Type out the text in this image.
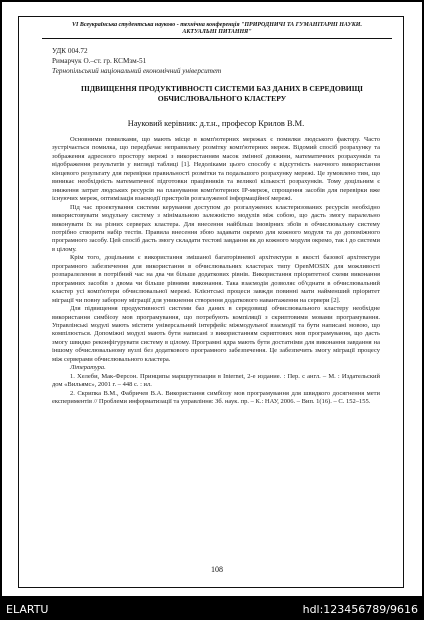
VI Всеукраїнська студентська науково - технічна конференція "ПРИРОДНИЧІ ТА ГУМАНІТАРНІ НАУКИ.
АКТУАЛЬНІ ПИТАННЯ"
УДК 004.72
Римарчук О.–ст. гр. КСМзм-51
Тернопільський національний економічний університет
ПІДВИЩЕННЯ ПРОДУКТИВНОСТІ СИСТЕМИ БАЗ ДАНИХ В СЕРЕДОВИЩІ
ОБЧИСЛЮВАЛЬНОГО КЛАСТЕРУ
Науковий керівник: д.т.н., професор Крилов В.М.

Основними помилками, що мають місце в комп'ютерних мережах є помилки людського фактору. Часто зустрічається помилка, що передбачає неправильну розмітку комп'ютерних мереж. Відомий спосіб розрахунку та зображення адресного простору мережі з використанням масок змінної довжини, математичних розрахунків та відображення результатів у вигляді таблиці [1]. Недоліками цього способу є відсутність наочного використання кінцевого результату для перевірки правильності розмітки та подальшого розрахунку мережі. Це зумовлено тим, що виникає необхідність математичної підготовки працівників та великої кількості розрахунків. Тому доцільним є зниження затрат людських ресурсів на планування комп'ютерних IP-мереж, спрощення засобів для перевірки вже існуючих мереж, оптимізація взаємодії пристроїв розгалуженої інформаційної мережі.

Під час проектування системи керування доступом до розгалужених кластеризованих ресурсів необхідно використовувати модульну систему з мінімальною залежністю модулів між собою, що дасть змогу паралельно виконувати їх на різних серверах кластера. Для внесення найбільш імовірних збоїв в обчислювальну систему потрібно створити набір тестів. Правила внесення збою задавати окремо для кожного модуля та до допоміжного програмного засобу. Цей спосіб дасть змогу складати тестові завдання як до кожного модуля окремо, так і до системи в цілому.

Крім того, доцільним є використання змішаної багаторівневої архітектури в якості базової архітектури програмного забезпечення для використання в обчислювальних кластерах типу OpenMOSIX для можливості розпаралелення в потрібний час на два чи більше додаткових рівнів. Використання пріоритетної схеми виконання програмних засобів з двома чи більше рівнями виконання. Така взаємодія дозволяє об'єднати в обчислювальний кластер усі комп'ютери обчислювальної мережі. Клієнтські процеси завжди повинні мати найменший пріоритет міграції чи повну заборону міграції для уникнення створення додаткового навантаження на сервери [2].

Для підвищення продуктивності системи баз даних в середовищі обчислювального кластеру необхідне використання симбіозу мов програмування, що потребують компіляції з скриптовими мовами програмування. Управлінські модулі мають містити універсальний інтерфейс міжмодульної взаємодії та бути написані мовою, що компілюється. Допоміжні модулі мають бути написані з використанням скриптових мов програмування, що дасть змогу швидко реконфігурувати систему в цілому. Програмні ядра мають бути достатніми для виконання завдання на іншому обчислювальному вузлі без додаткового програмного забезпечення. Це забезпечить змогу міграції процесу між серверами обчислювального кластера.

Література.

1. Хелеби, Мак-Ферсон. Принципы маршрутизации в Internet, 2-е издание. : Пер. с англ. – М. : Издательский дом «Вильямс», 2001 г. – 448 с. : ил.

2. Скрипка В.М., Фабричев В.А. Використання симбіозу мов програмування для швидкого досягнення мети експериментів // Проблеми информатизації та управління: Зб. наук. пр. – К.: НАУ, 2006. – Вип. 1(16). – С. 152–155.

108
ELARTU	hdl:123456789/9616
